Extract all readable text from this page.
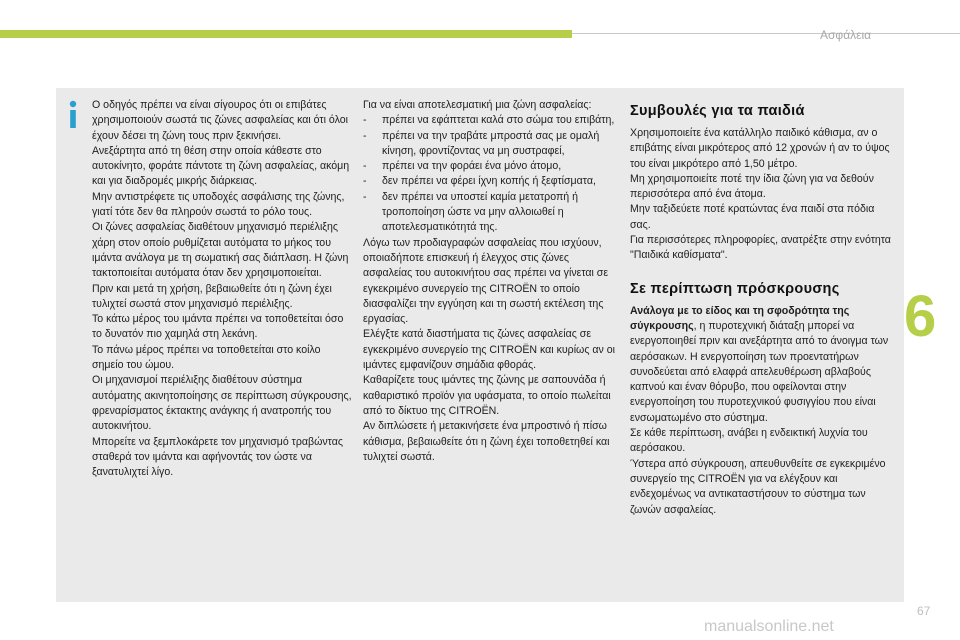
Ασφάλεια
6

Ο οδηγός πρέπει να είναι σίγουρος ότι οι επιβάτες χρησιμοποιούν σωστά τις ζώνες ασφαλείας και ότι όλοι έχουν δέσει τη ζώνη τους πριν ξεκινήσει.

Ανεξάρτητα από τη θέση στην οποία κάθεστε στο αυτοκίνητο, φοράτε πάντοτε τη ζώνη ασφαλείας, ακόμη και για διαδρομές μικρής διάρκειας.

Μην αντιστρέφετε τις υποδοχές ασφάλισης της ζώνης, γιατί τότε δεν θα πληρούν σωστά το ρόλο τους.

Οι ζώνες ασφαλείας διαθέτουν μηχανισμό περιέλιξης χάρη στον οποίο ρυθμίζεται αυτόματα το μήκος του ιμάντα ανάλογα με τη σωματική σας διάπλαση. Η ζώνη τακτοποιείται αυτόματα όταν δεν χρησιμοποιείται.

Πριν και μετά τη χρήση, βεβαιωθείτε ότι η ζώνη έχει τυλιχτεί σωστά στον μηχανισμό περιέλιξης.

Το κάτω μέρος του ιμάντα πρέπει να τοποθετείται όσο το δυνατόν πιο χαμηλά στη λεκάνη.

Το πάνω μέρος πρέπει να τοποθετείται στο κοίλο σημείο του ώμου.

Οι μηχανισμοί περιέλιξης διαθέτουν σύστημα αυτόματης ακινητοποίησης σε περίπτωση σύγκρουσης, φρεναρίσματος έκτακτης ανάγκης ή ανατροπής του αυτοκινήτου.

Μπορείτε να ξεμπλοκάρετε τον μηχανισμό τραβώντας σταθερά τον ιμάντα και αφήνοντάς τον ώστε να ξανατυλιχτεί λίγο.

Για να είναι αποτελεσματική μια ζώνη ασφαλείας:

- πρέπει να εφάπτεται καλά στο σώμα του επιβάτη,

- πρέπει να την τραβάτε μπροστά σας με ομαλή κίνηση, φροντίζοντας να μη συστραφεί,

- πρέπει να την φοράει ένα μόνο άτομο,

- δεν πρέπει να φέρει ίχνη κοπής ή ξεφτίσματα,

- δεν πρέπει να υποστεί καμία μετατροπή ή τροποποίηση ώστε να μην αλλοιωθεί η αποτελεσματικότητά της.

Λόγω των προδιαγραφών ασφαλείας που ισχύουν, οποιαδήποτε επισκευή ή έλεγχος στις ζώνες ασφαλείας του αυτοκινήτου σας πρέπει να γίνεται σε εγκεκριμένο συνεργείο της CITROËN το οποίο διασφαλίζει την εγγύηση και τη σωστή εκτέλεση της εργασίας.

Ελέγξτε κατά διαστήματα τις ζώνες ασφαλείας σε εγκεκριμένο συνεργείο της CITROËN και κυρίως αν οι ιμάντες εμφανίζουν σημάδια φθοράς.

Καθαρίζετε τους ιμάντες της ζώνης με σαπουνάδα ή καθαριστικό προϊόν για υφάσματα, το οποίο πωλείται από το δίκτυο της CITROËN.

Αν διπλώσετε ή μετακινήσετε ένα μπροστινό ή πίσω κάθισμα, βεβαιωθείτε ότι η ζώνη έχει τοποθετηθεί και τυλιχτεί σωστά.

Συμβουλές για τα παιδιά

Χρησιμοποιείτε ένα κατάλληλο παιδικό κάθισμα, αν ο επιβάτης είναι μικρότερος από 12 χρονών ή αν το ύψος του είναι μικρότερο από 1,50 μέτρο.

Μη χρησιμοποιείτε ποτέ την ίδια ζώνη για να δεθούν περισσότερα από ένα άτομα.

Μην ταξιδεύετε ποτέ κρατώντας ένα παιδί στα πόδια σας.

Για περισσότερες πληροφορίες, ανατρέξτε στην ενότητα "Παιδικά καθίσματα".

Σε περίπτωση πρόσκρουσης

Ανάλογα με το είδος και τη σφοδρότητα της σύγκρουσης, η πυροτεχνική διάταξη μπορεί να ενεργοποιηθεί πριν και ανεξάρτητα από το άνοιγμα των αερόσακων. Η ενεργοποίηση των προεντατήρων συνοδεύεται από ελαφρά απελευθέρωση αβλαβούς καπνού και έναν θόρυβο, που οφείλονται στην ενεργοποίηση του πυροτεχνικού φυσιγγίου που είναι ενσωματωμένο στο σύστημα.

Σε κάθε περίπτωση, ανάβει η ενδεικτική λυχνία του αερόσακου.

Ύστερα από σύγκρουση, απευθυνθείτε σε εγκεκριμένο συνεργείο της CITROËN για να ελέγξουν και ενδεχομένως να αντικαταστήσουν το σύστημα των ζωνών ασφαλείας.

67
manualsonline.net
